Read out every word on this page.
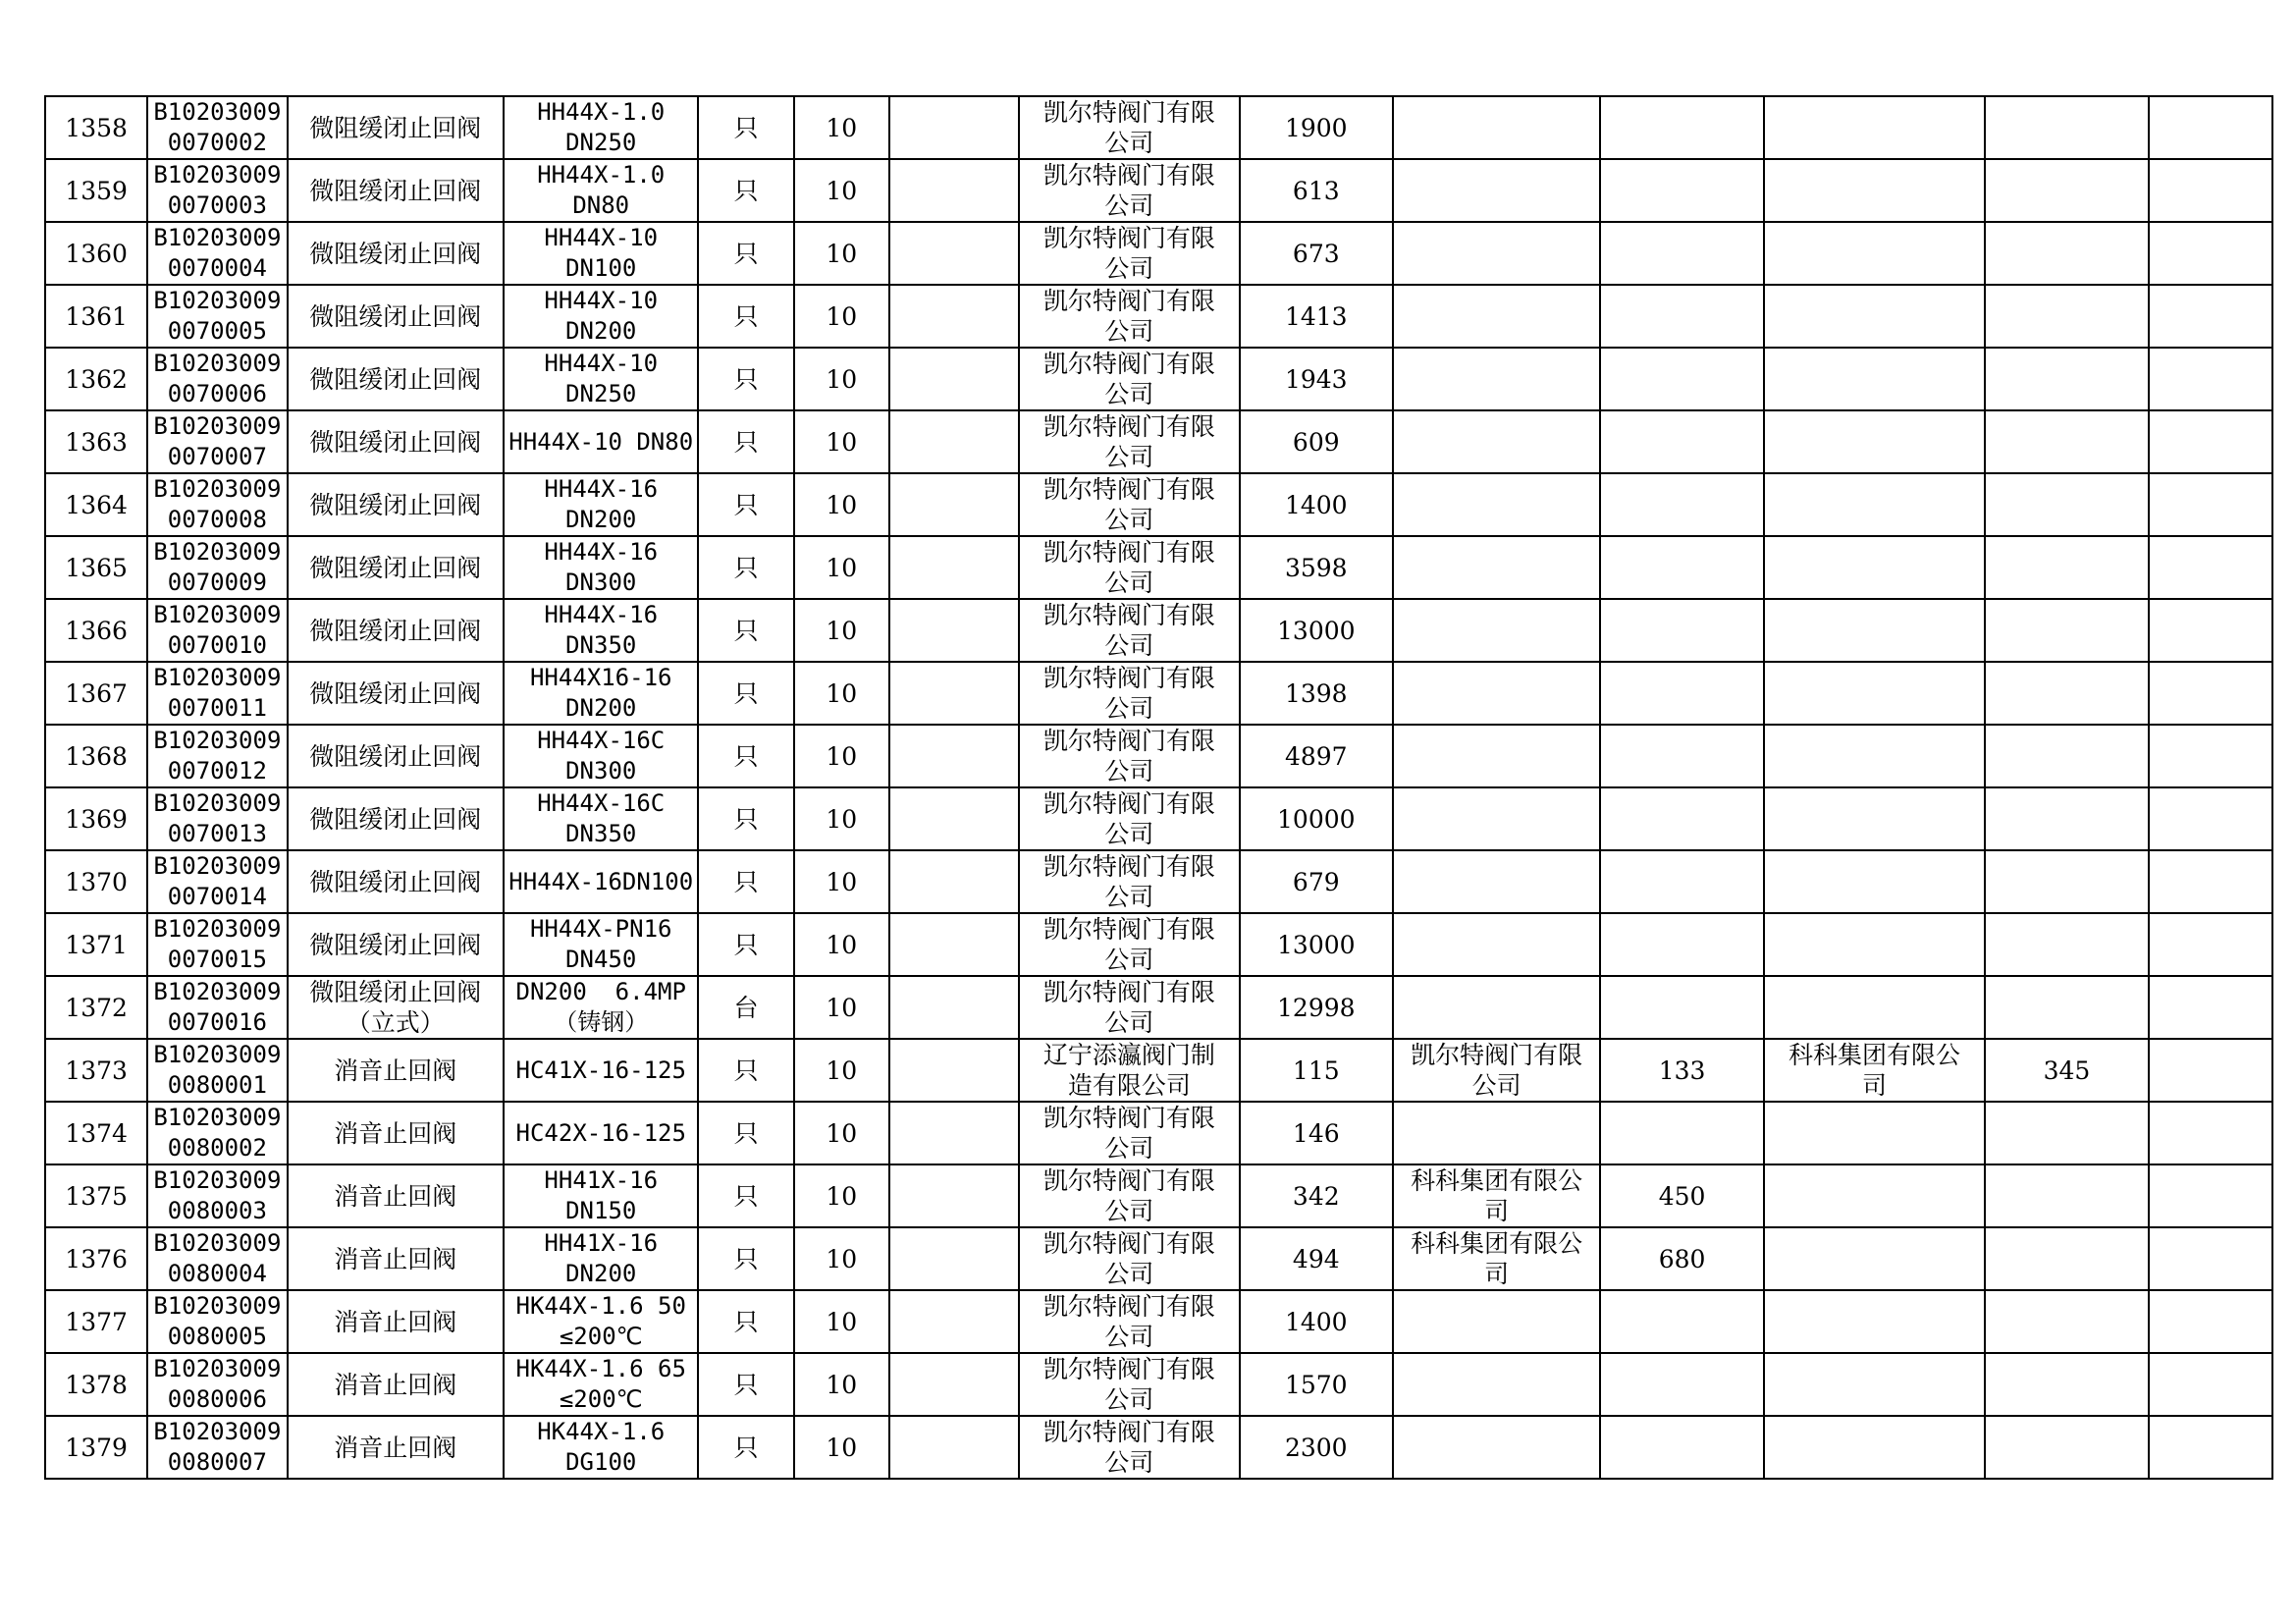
1358	B10203009
0070002	微阻缓闭止回阀	HH44X-1.0
DN250	只	10		凯尔特阀门有限
公司	1900					
1359	B10203009
0070003	微阻缓闭止回阀	HH44X-1.0
DN80	只	10		凯尔特阀门有限
公司	613					
1360	B10203009
0070004	微阻缓闭止回阀	HH44X-10
DN100	只	10		凯尔特阀门有限
公司	673					
1361	B10203009
0070005	微阻缓闭止回阀	HH44X-10
DN200	只	10		凯尔特阀门有限
公司	1413					
1362	B10203009
0070006	微阻缓闭止回阀	HH44X-10
DN250	只	10		凯尔特阀门有限
公司	1943					
1363	B10203009
0070007	微阻缓闭止回阀	HH44X-10 DN80	只	10		凯尔特阀门有限
公司	609					
1364	B10203009
0070008	微阻缓闭止回阀	HH44X-16
DN200	只	10		凯尔特阀门有限
公司	1400					
1365	B10203009
0070009	微阻缓闭止回阀	HH44X-16
DN300	只	10		凯尔特阀门有限
公司	3598					
1366	B10203009
0070010	微阻缓闭止回阀	HH44X-16
DN350	只	10		凯尔特阀门有限
公司	13000					
1367	B10203009
0070011	微阻缓闭止回阀	HH44X16-16
DN200	只	10		凯尔特阀门有限
公司	1398					
1368	B10203009
0070012	微阻缓闭止回阀	HH44X-16C
DN300	只	10		凯尔特阀门有限
公司	4897					
1369	B10203009
0070013	微阻缓闭止回阀	HH44X-16C
DN350	只	10		凯尔特阀门有限
公司	10000					
1370	B10203009
0070014	微阻缓闭止回阀	HH44X-16DN100	只	10		凯尔特阀门有限
公司	679					
1371	B10203009
0070015	微阻缓闭止回阀	HH44X-PN16
DN450	只	10		凯尔特阀门有限
公司	13000					
1372	B10203009
0070016	微阻缓闭止回阀
（立式）	DN200  6.4MP
（铸钢）	台	10		凯尔特阀门有限
公司	12998					
1373	B10203009
0080001	消音止回阀	HC41X-16-125	只	10		辽宁添瀛阀门制
造有限公司	115	凯尔特阀门有限
公司	133	科科集团有限公
司	345	
1374	B10203009
0080002	消音止回阀	HC42X-16-125	只	10		凯尔特阀门有限
公司	146					
1375	B10203009
0080003	消音止回阀	HH41X-16
DN150	只	10		凯尔特阀门有限
公司	342	科科集团有限公
司	450			
1376	B10203009
0080004	消音止回阀	HH41X-16
DN200	只	10		凯尔特阀门有限
公司	494	科科集团有限公
司	680			
1377	B10203009
0080005	消音止回阀	HK44X-1.6 50
≤200℃	只	10		凯尔特阀门有限
公司	1400					
1378	B10203009
0080006	消音止回阀	HK44X-1.6 65
≤200℃	只	10		凯尔特阀门有限
公司	1570					
1379	B10203009
0080007	消音止回阀	HK44X-1.6
DG100	只	10		凯尔特阀门有限
公司	2300					
